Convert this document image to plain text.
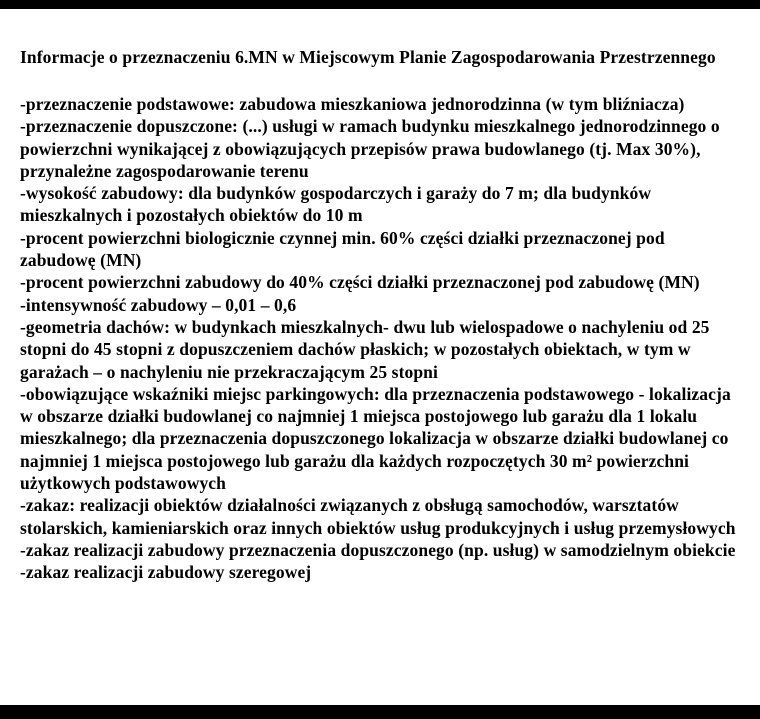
Informacje o przeznaczeniu 6.MN w Miejscowym Planie Zagospodarowania Przestrzennego
-przeznaczenie podstawowe: zabudowa mieszkaniowa jednorodzinna (w tym bliźniacza)
-przeznaczenie dopuszczone: (...) usługi w ramach budynku mieszkalnego jednorodzinnego o powierzchni wynikającej z obowiązujących przepisów prawa budowlanego (tj. Max 30%), przynależne zagospodarowanie terenu
-wysokość zabudowy: dla budynków gospodarczych i garaży do 7 m; dla budynków mieszkalnych i pozostałych obiektów do 10 m
-procent powierzchni biologicznie czynnej min. 60% części działki przeznaczonej pod zabudowę (MN)
-procent powierzchni zabudowy do 40% części działki przeznaczonej pod zabudowę (MN)
-intensywność zabudowy – 0,01 – 0,6
-geometria dachów: w budynkach mieszkalnych- dwu lub wielospadowe o nachyleniu od 25 stopni do 45 stopni z dopuszczeniem dachów płaskich; w pozostałych obiektach, w tym w garażach – o nachyleniu nie przekraczającym 25 stopni
-obowiązujące wskaźniki miejsc parkingowych: dla przeznaczenia podstawowego - lokalizacja w obszarze działki budowlanej co najmniej 1 miejsca postojowego lub garażu dla 1 lokalu mieszkalnego; dla przeznaczenia dopuszczonego lokalizacja w obszarze działki budowlanej co najmniej 1 miejsca postojowego lub garażu dla każdych rozpoczętych 30 m² powierzchni użytkowych podstawowych
-zakaz: realizacji obiektów działalności związanych z obsługą samochodów, warsztatów stolarskich, kamieniarskich oraz innych obiektów usług produkcyjnych i usług przemysłowych
-zakaz realizacji zabudowy przeznaczenia dopuszczonego (np. usług) w samodzielnym obiekcie
-zakaz realizacji zabudowy szeregowej
